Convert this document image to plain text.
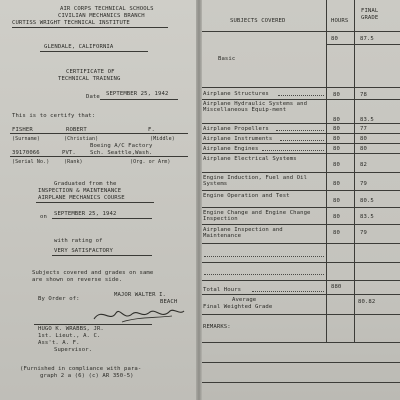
AIR CORPS TECHNICAL SCHOOLS
CIVILIAN MECHANICS BRANCH
CURTISS WRIGHT TECHNICAL INSTITUTE
GLENDALE, CALIFORNIA
CERTIFICATE OF
TECHNICAL TRAINING
Date SEPTEMBER 25, 1942
This is to certify that:
FISHER	ROBERT	F.
(Surname)	(Christian)	(Middle)
Boeing A/C Factory
39170066	PVT.	Sch. Seattle,Wash.
(Serial No.)	(Rank)	(Org. or Arm)
Graduated from the
INSPECTION & MAINTENANCE
AIRPLANE MECHANICS COURSE
on SEPTEMBER 25, 1942
with rating of
VERY SATISFACTORY
Subjects covered and grades on same
are shown on reverse side.
By Order of:
MAJOR WALTER I.
BEACH
HUGO K. WRABBS, JR.
1st. Lieut., A. C.
Ass't. A. F.
Supervisor.
(Furnished in compliance with para-
graph 2 a (6) (c) AR 350-5)
SUBJECTS COVERED	HOURS
FINAL
GRADE
80	87.5
Basic
Airplane Structures	80	78
Airplane Hydraulic Systems and Miscellaneous Equip-ment
80	83.5
Airplane Propellers	80	77
Airplane Instruments	80	80
Airplane Engines	80	80
Airplane Electrical Systems
80	82
Engine Induction, Fuel and Oil Systems	80	79
Engine Operation and Test
80	80.5
Engine Change and Engine Change Inspection	80	83.5
Airplane Inspection and Maintenance	80	79
Total Hours	880
Average
Final Weighted Grade
80.82
REMARKS:
